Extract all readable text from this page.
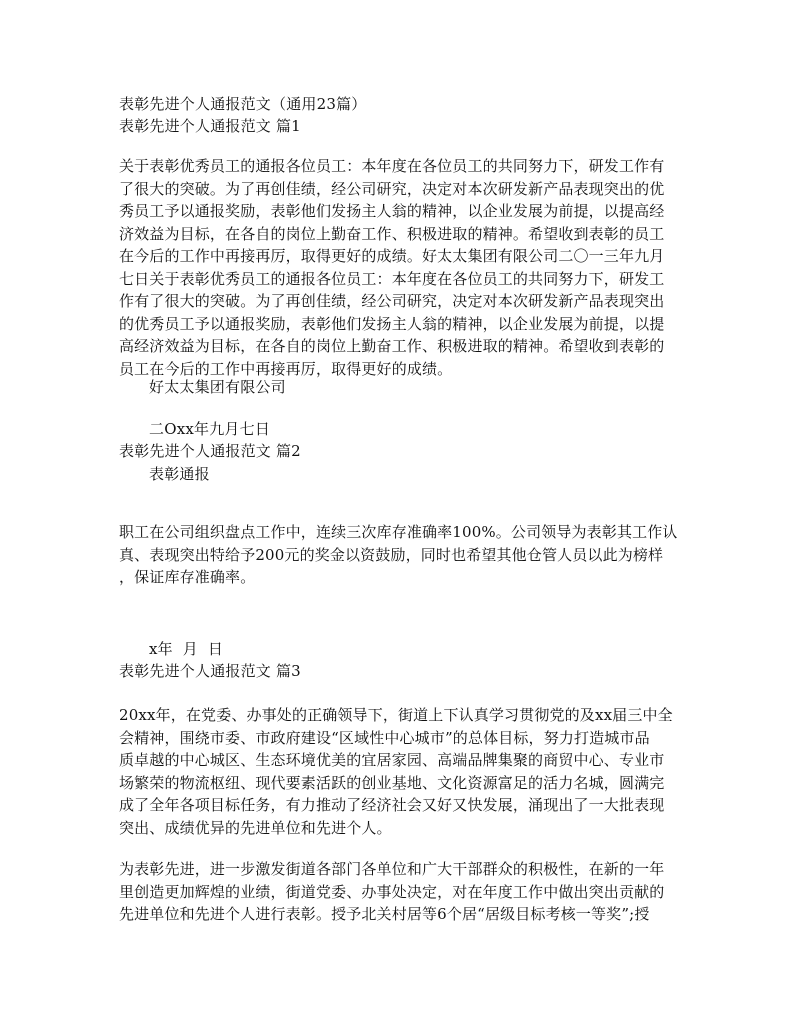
表彰先进个人通报范文（通用23篇）
表彰先进个人通报范文 篇1
关于表彰优秀员工的通报各位员工：本年度在各位员工的共同努力下，研发工作有
了很大的突破。为了再创佳绩，经公司研究，决定对本次研发新产品表现突出的优
秀员工予以通报奖励，表彰他们发扬主人翁的精神，以企业发展为前提，以提高经
济效益为目标，在各自的岗位上勤奋工作、积极进取的精神。希望收到表彰的员工
在今后的工作中再接再厉，取得更好的成绩。好太太集团有限公司二〇一三年九月
七日关于表彰优秀员工的通报各位员工：本年度在各位员工的共同努力下，研发工
作有了很大的突破。为了再创佳绩，经公司研究，决定对本次研发新产品表现突出
的优秀员工予以通报奖励，表彰他们发扬主人翁的精神，以企业发展为前提，以提
高经济效益为目标，在各自的岗位上勤奋工作、积极进取的精神。希望收到表彰的
员工在今后的工作中再接再厉，取得更好的成绩。
好太太集团有限公司
二Oxx年九月七日
表彰先进个人通报范文 篇2
表彰通报
职工在公司组织盘点工作中，连续三次库存准确率100%。公司领导为表彰其工作认
真、表现突出特给予200元的奖金以资鼓励，同时也希望其他仓管人员以此为榜样
，保证库存准确率。
x年  月  日
表彰先进个人通报范文 篇3
20xx年，在党委、办事处的正确领导下，街道上下认真学习贯彻党的及xx届三中全
会精神，围绕市委、市政府建设“区域性中心城市”的总体目标，努力打造城市品
质卓越的中心城区、生态环境优美的宜居家园、高端品牌集聚的商贸中心、专业市
场繁荣的物流枢纽、现代要素活跃的创业基地、文化资源富足的活力名城，圆满完
成了全年各项目标任务，有力推动了经济社会又好又快发展，涌现出了一大批表现
突出、成绩优异的先进单位和先进个人。
为表彰先进，进一步激发街道各部门各单位和广大干部群众的积极性，在新的一年
里创造更加辉煌的业绩，街道党委、办事处决定，对在年度工作中做出突出贡献的
先进单位和先进个人进行表彰。授予北关村居等6个居“居级目标考核一等奖”;授
